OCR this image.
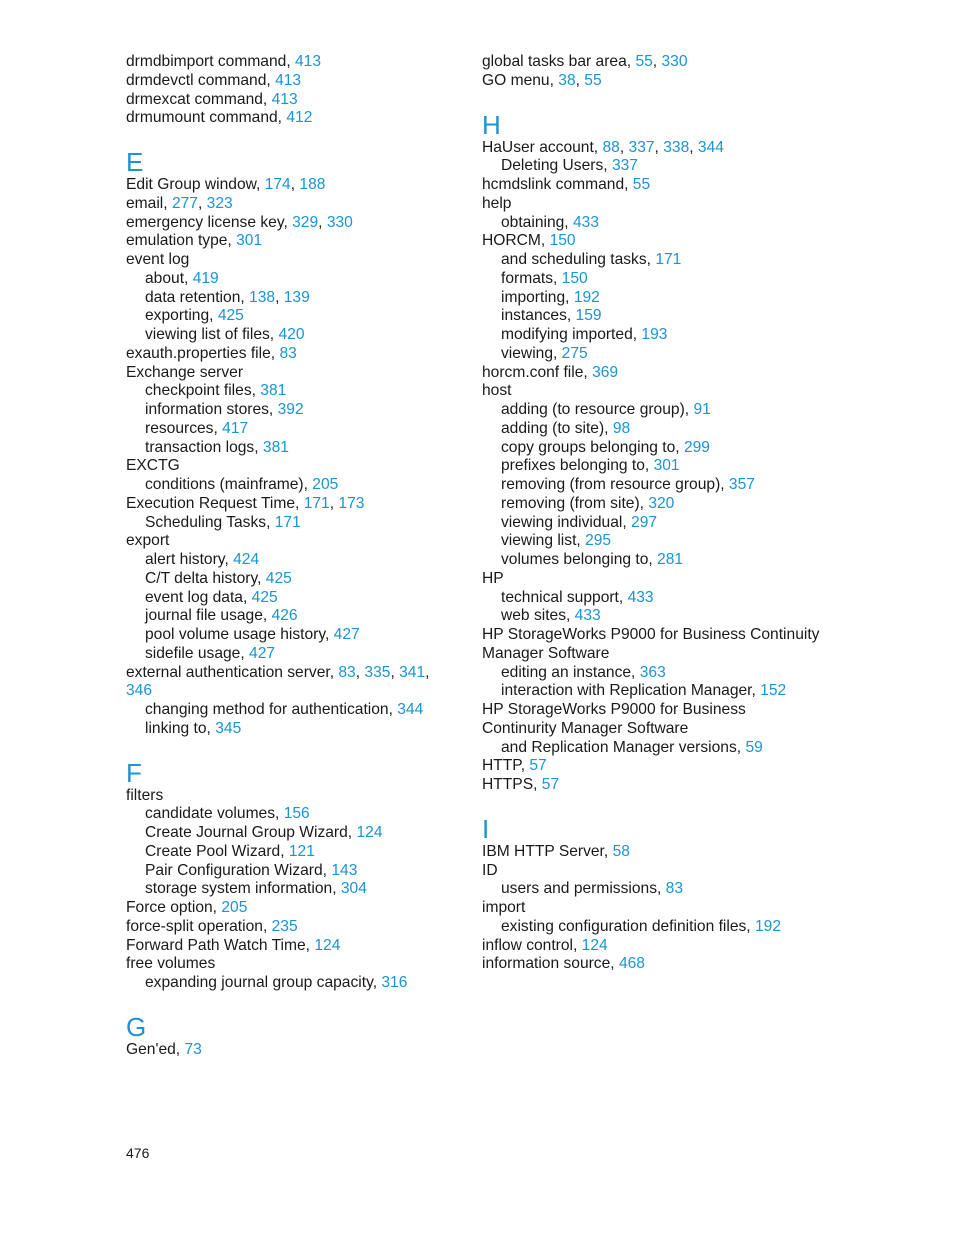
drmdbimport command, 413
drmdevctl command, 413
drmexcat command, 413
drmumount command, 412
E
Edit Group window, 174, 188
email, 277, 323
emergency license key, 329, 330
emulation type, 301
event log
about, 419
data retention, 138, 139
exporting, 425
viewing list of files, 420
exauth.properties file, 83
Exchange server
checkpoint files, 381
information stores, 392
resources, 417
transaction logs, 381
EXCTG
conditions (mainframe), 205
Execution Request Time, 171, 173
Scheduling Tasks, 171
export
alert history, 424
C/T delta history, 425
event log data, 425
journal file usage, 426
pool volume usage history, 427
sidefile usage, 427
external authentication server, 83, 335, 341,
346
changing method for authentication, 344
linking to, 345
F
filters
candidate volumes, 156
Create Journal Group Wizard, 124
Create Pool Wizard, 121
Pair Configuration Wizard, 143
storage system information, 304
Force option, 205
force-split operation, 235
Forward Path Watch Time, 124
free volumes
expanding journal group capacity, 316
G
Gen'ed, 73
global tasks bar area, 55, 330
GO menu, 38, 55
H
HaUser account, 88, 337, 338, 344
Deleting Users, 337
hcmdslink command, 55
help
obtaining, 433
HORCM, 150
and scheduling tasks, 171
formats, 150
importing, 192
instances, 159
modifying imported, 193
viewing, 275
horcm.conf file, 369
host
adding (to resource group), 91
adding (to site), 98
copy groups belonging to, 299
prefixes belonging to, 301
removing (from resource group), 357
removing (from site), 320
viewing individual, 297
viewing list, 295
volumes belonging to, 281
HP
technical support, 433
web sites, 433
HP StorageWorks P9000 for Business Continuity
Manager Software
editing an instance, 363
interaction with Replication Manager, 152
HP StorageWorks P9000 for Business
Continurity Manager Software
and Replication Manager versions, 59
HTTP, 57
HTTPS, 57
I
IBM HTTP Server, 58
ID
users and permissions, 83
import
existing configuration definition files, 192
inflow control, 124
information source, 468
476
